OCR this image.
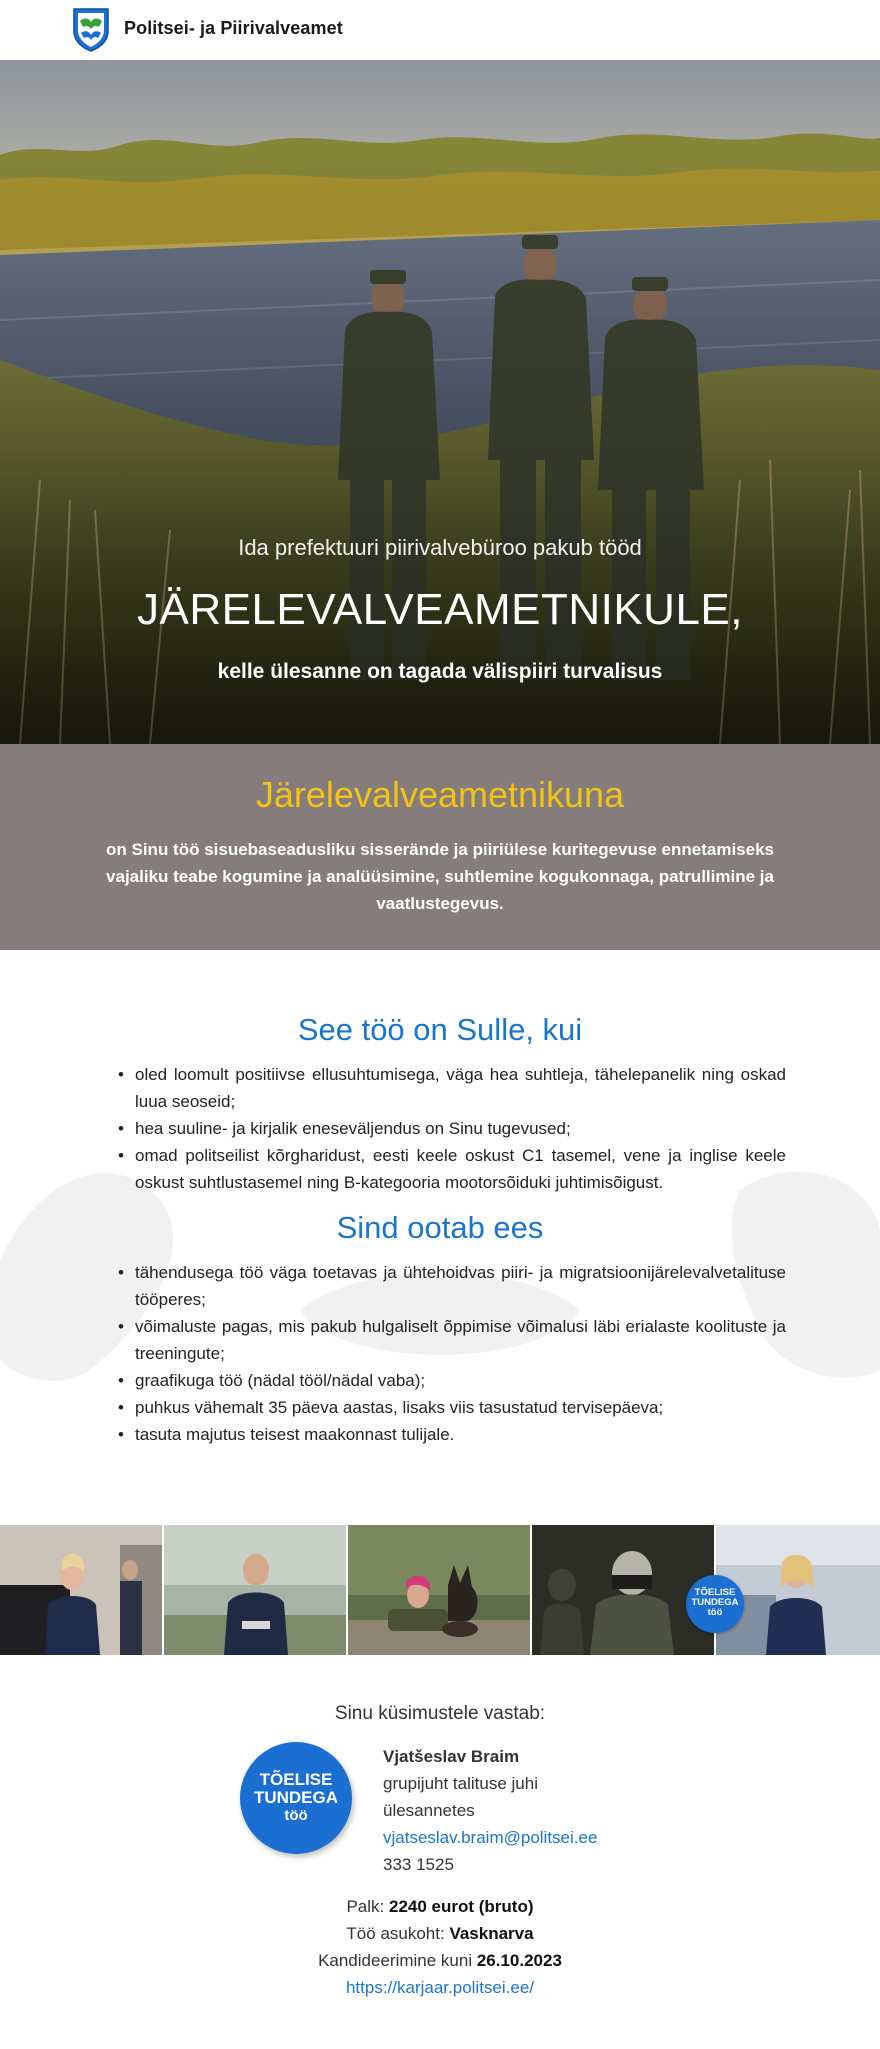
Politsei- ja Piirivalveamet
Ida prefektuuri piirivalvebüroo pakub tööd
JÄRELEVALVEAMETNIKULE,
kelle ülesanne on tagada välispiiri turvalisus
Järelevalveametnikuna
on Sinu töö sisuebaseadusliku sisserände ja piiriülese kuritegevuse ennetamiseks vajaliku teabe kogumine ja analüüsimine, suhtlemine kogukonnaga, patrullimine ja vaatlustegevus.
See töö on Sulle, kui
• oled loomult positiivse ellusuhtumisega, väga hea suhtleja, tähelepanelik ning oskad luua seoseid;
• hea suuline- ja kirjalik eneseväljendus on Sinu tugevused;
• omad politseilist kõrgharidust, eesti keele oskust C1 tasemel, vene ja inglise keele oskust suhtlustasemel ning B-kategooria mootorsõiduki juhtimisõigust.
Sind ootab ees
• tähendusega töö väga toetavas ja ühtehoidvas piiri- ja migratsioonijärelevalvetalituse tööperes;
• võimaluste pagas, mis pakub hulgaliselt õppimise võimalusi läbi erialaste koolituste ja treeningute;
• graafikuga töö (nädal tööl/nädal vaba);
• puhkus vähemalt 35 päeva aastas, lisaks viis tasustatud tervisepäeva;
• tasuta majutus teisest maakonnast tulijale.
TÕELISE
TUNDEGA
töö
Sinu küsimustele vastab:
TÕELISE
TUNDEGA
töö
Vjatšeslav Braim
grupijuht talituse juhi
ülesannetes
vjatseslav.braim@politsei.ee
333 1525
Palk: 2240 eurot (bruto)
Töö asukoht: Vasknarva
Kandideerimine kuni 26.10.2023
https://karjaar.politsei.ee/
